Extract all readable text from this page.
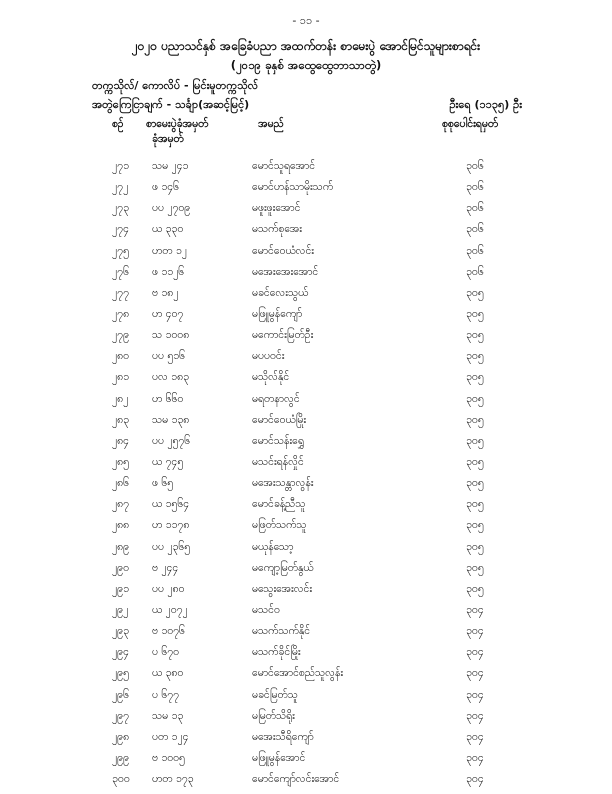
- ၁၁ -
၂၀၂၀ ပညာသင်နှစ် အခြေခံပညာ အထက်တန်း စာမေးပွဲ အောင်မြင်သူများစာရင်း
(၂၀၁၉ ခုနှစ် အထွေထွေဘာသာတွဲ)
တက္ကသိုလ်/ ကောလိပ် - မြင်းမူတက္ကသိုလ်
အတွဲကြေငြာချက် - သင်္ချာ(အဆင့်မြင့်)	ဦးရေ (၁၁၃၅) ဦး
စဉ် စာမေးပွဲခုံအမှတ်
ခုံအမှတ်
အမည်	စုစုပေါင်းရမှတ်
၂၇၁ သမ ၂၄၁	မောင်သူရအောင်	၃၀၆
၂၇၂ ဖ ၁၄၆	မောင်ဟန်သာမိုးသက်	၃၀၆
၂၇၃ ပပ ၂၇၀၉	မဖူးဖူးအောင်	၃၀၆
၂၇၄ ယ ၃၃၀	မသက်စုအေး	၃၀၆
၂၇၅ ဟတ ၁၂	မောင်ဝေယံလင်း	၃၀၆
၂၇၆ ဖ ၁၁၂၆	မအေးအေးအောင်	၃၀၆
၂၇၇ ဗ ၁၈၂	မခင်လေးသွယ်	၃၀၅
၂၇၈ ဟ ၄၀၇	မဖြူမွန်ကျော်	၃၀၅
၂၇၉ သ ၁၀၀၈	မကောင်းမြတ်ဦး	၃၀၅
၂၈၀ ပပ ၅၁၆	မပပဝင်း	၃၀၅
၂၈၁ ပလ ၁၈၃	မသိုလ်နိုင်	၃၀၅
၂၈၂ ဟ ၆၆၀	မရတနာလွင်	၃၀၅
၂၈၃ သမ ၁၃၈	မောင်ဝေယံမြိုး	၃၀၅
၂၈၄ ပပ ၂၅၇၆	မောင်သန်းရွှေ	၃၀၅
၂၈၅ ယ ၇၄၅	မသင်းရန်လှိုင်	၃၀၅
၂၈၆ ဖ ၆၅	မအေးသန္တာလွန်း	၃၀၅
၂၈၇ ယ ၁၅၆၄	မောင်ခန့်ညီသူ	၃၀၅
၂၈၈ ဟ ၁၁၇၈	မဖြတ်သက်သူ	၃၀၅
၂၈၉ ပပ ၂၃၆၅	မယုန်သော့	၃၀၅
၂၉၀ ဗ ၂၄၄	မကျော့မြတ်နွယ်	၃၀၅
၂၉၁ ပပ ၂၈၀	မသွေးအေးလင်း	၃၀၅
၂၉၂ ယ ၂၀၇၂	မသင်ဝ	၃၀၄
၂၉၃ ဗ ၁၀၇၆	မသက်သက်နိုင်	၃၀၄
၂၉၄ ပ ၆၇၀	မသက်ခိုင်မြိုး	၃၀၄
၂၉၅ ယ ၃၈၀	မောင်အောင်စည်သူလွန်း	၃၀၄
၂၉၆ ပ ၆၇၇	မခင်မြတ်သူ	၃၀၄
၂၉၇ သမ ၁၃	မမြတ်သိရိုး	၃၀၄
၂၉၈ ပတ ၁၂၄	မအေးသီရိကျော်	၃၀၄
၂၉၉ ဗ ၁၀၀၅	မဖြူမွန်အောင်	၃၀၄
၃၀၀ ဟတ ၁၇၃	မောင်ကျော်လင်းအောင်	၃၀၄
